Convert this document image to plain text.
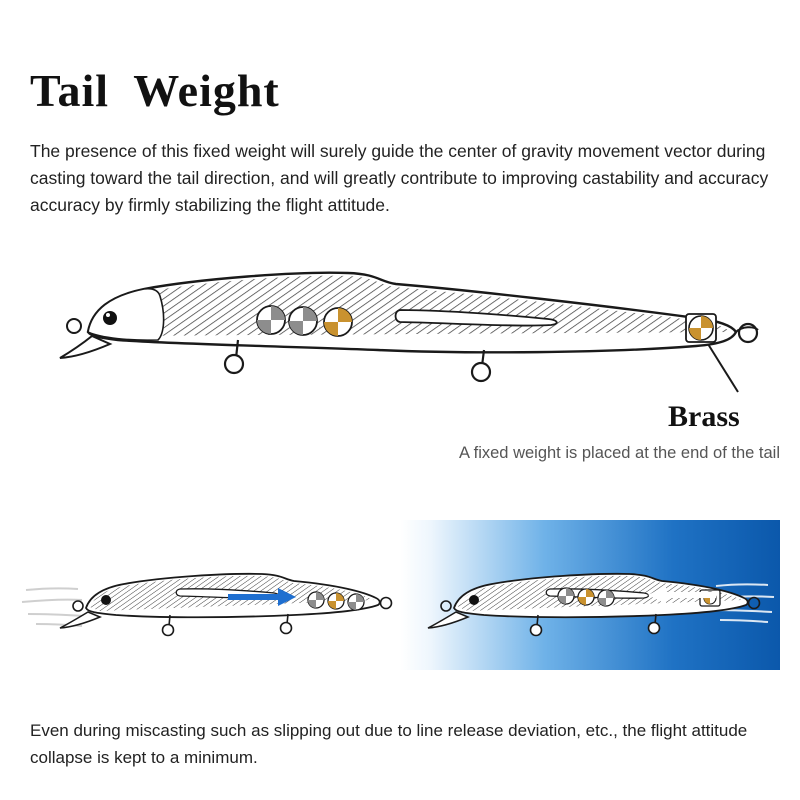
Tail  Weight

The presence of this fixed weight will surely guide the center of gravity movement vector during casting toward the tail direction, and will greatly contribute to improving castability and accuracy accuracy by firmly stabilizing the flight attitude.

Brass
A fixed weight is placed at the end of the tail

Even during miscasting such as slipping out due to line release deviation, etc., the flight attitude collapse is kept to a minimum.
